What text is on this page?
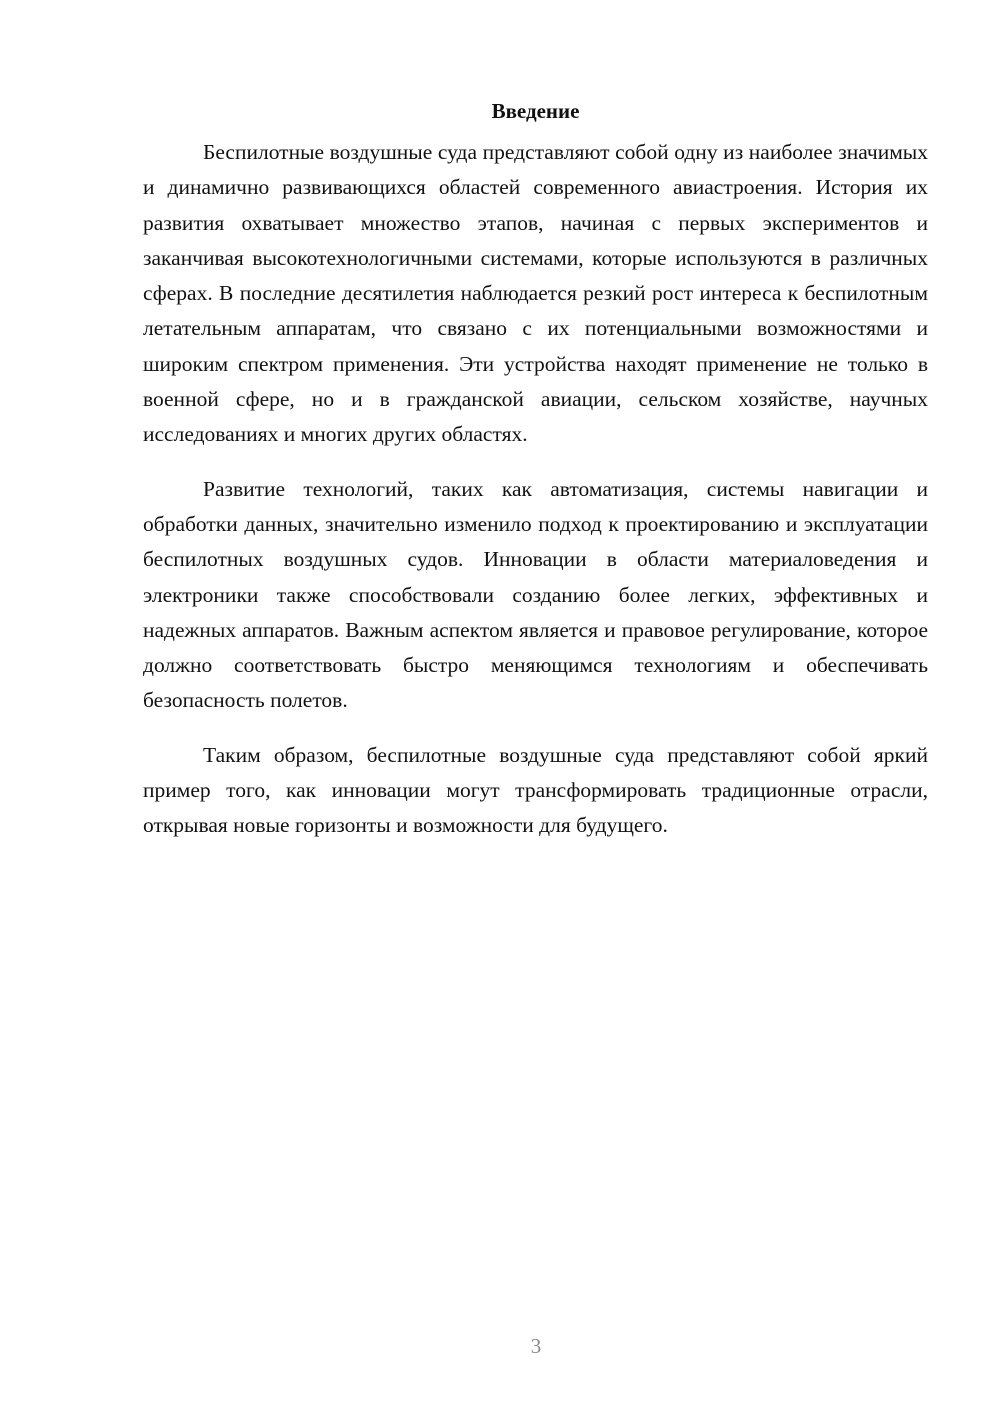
Введение

Беспилотные воздушные суда представляют собой одну из наиболее значимых и динамично развивающихся областей современного авиастроения. История их развития охватывает множество этапов, начиная с первых экспериментов и заканчивая высокотехнологичными системами, которые используются в различных сферах. В последние десятилетия наблюдается резкий рост интереса к беспилотным летательным аппаратам, что связано с их потенциальными возможностями и широким спектром применения. Эти устройства находят применение не только в военной сфере, но и в гражданской авиации, сельском хозяйстве, научных исследованиях и многих других областях.

Развитие технологий, таких как автоматизация, системы навигации и обработки данных, значительно изменило подход к проектированию и эксплуатации беспилотных воздушных судов. Инновации в области материаловедения и электроники также способствовали созданию более легких, эффективных и надежных аппаратов. Важным аспектом является и правовое регулирование, которое должно соответствовать быстро меняющимся технологиям и обеспечивать безопасность полетов.

Таким образом, беспилотные воздушные суда представляют собой яркий пример того, как инновации могут трансформировать традиционные отрасли, открывая новые горизонты и возможности для будущего.

3
